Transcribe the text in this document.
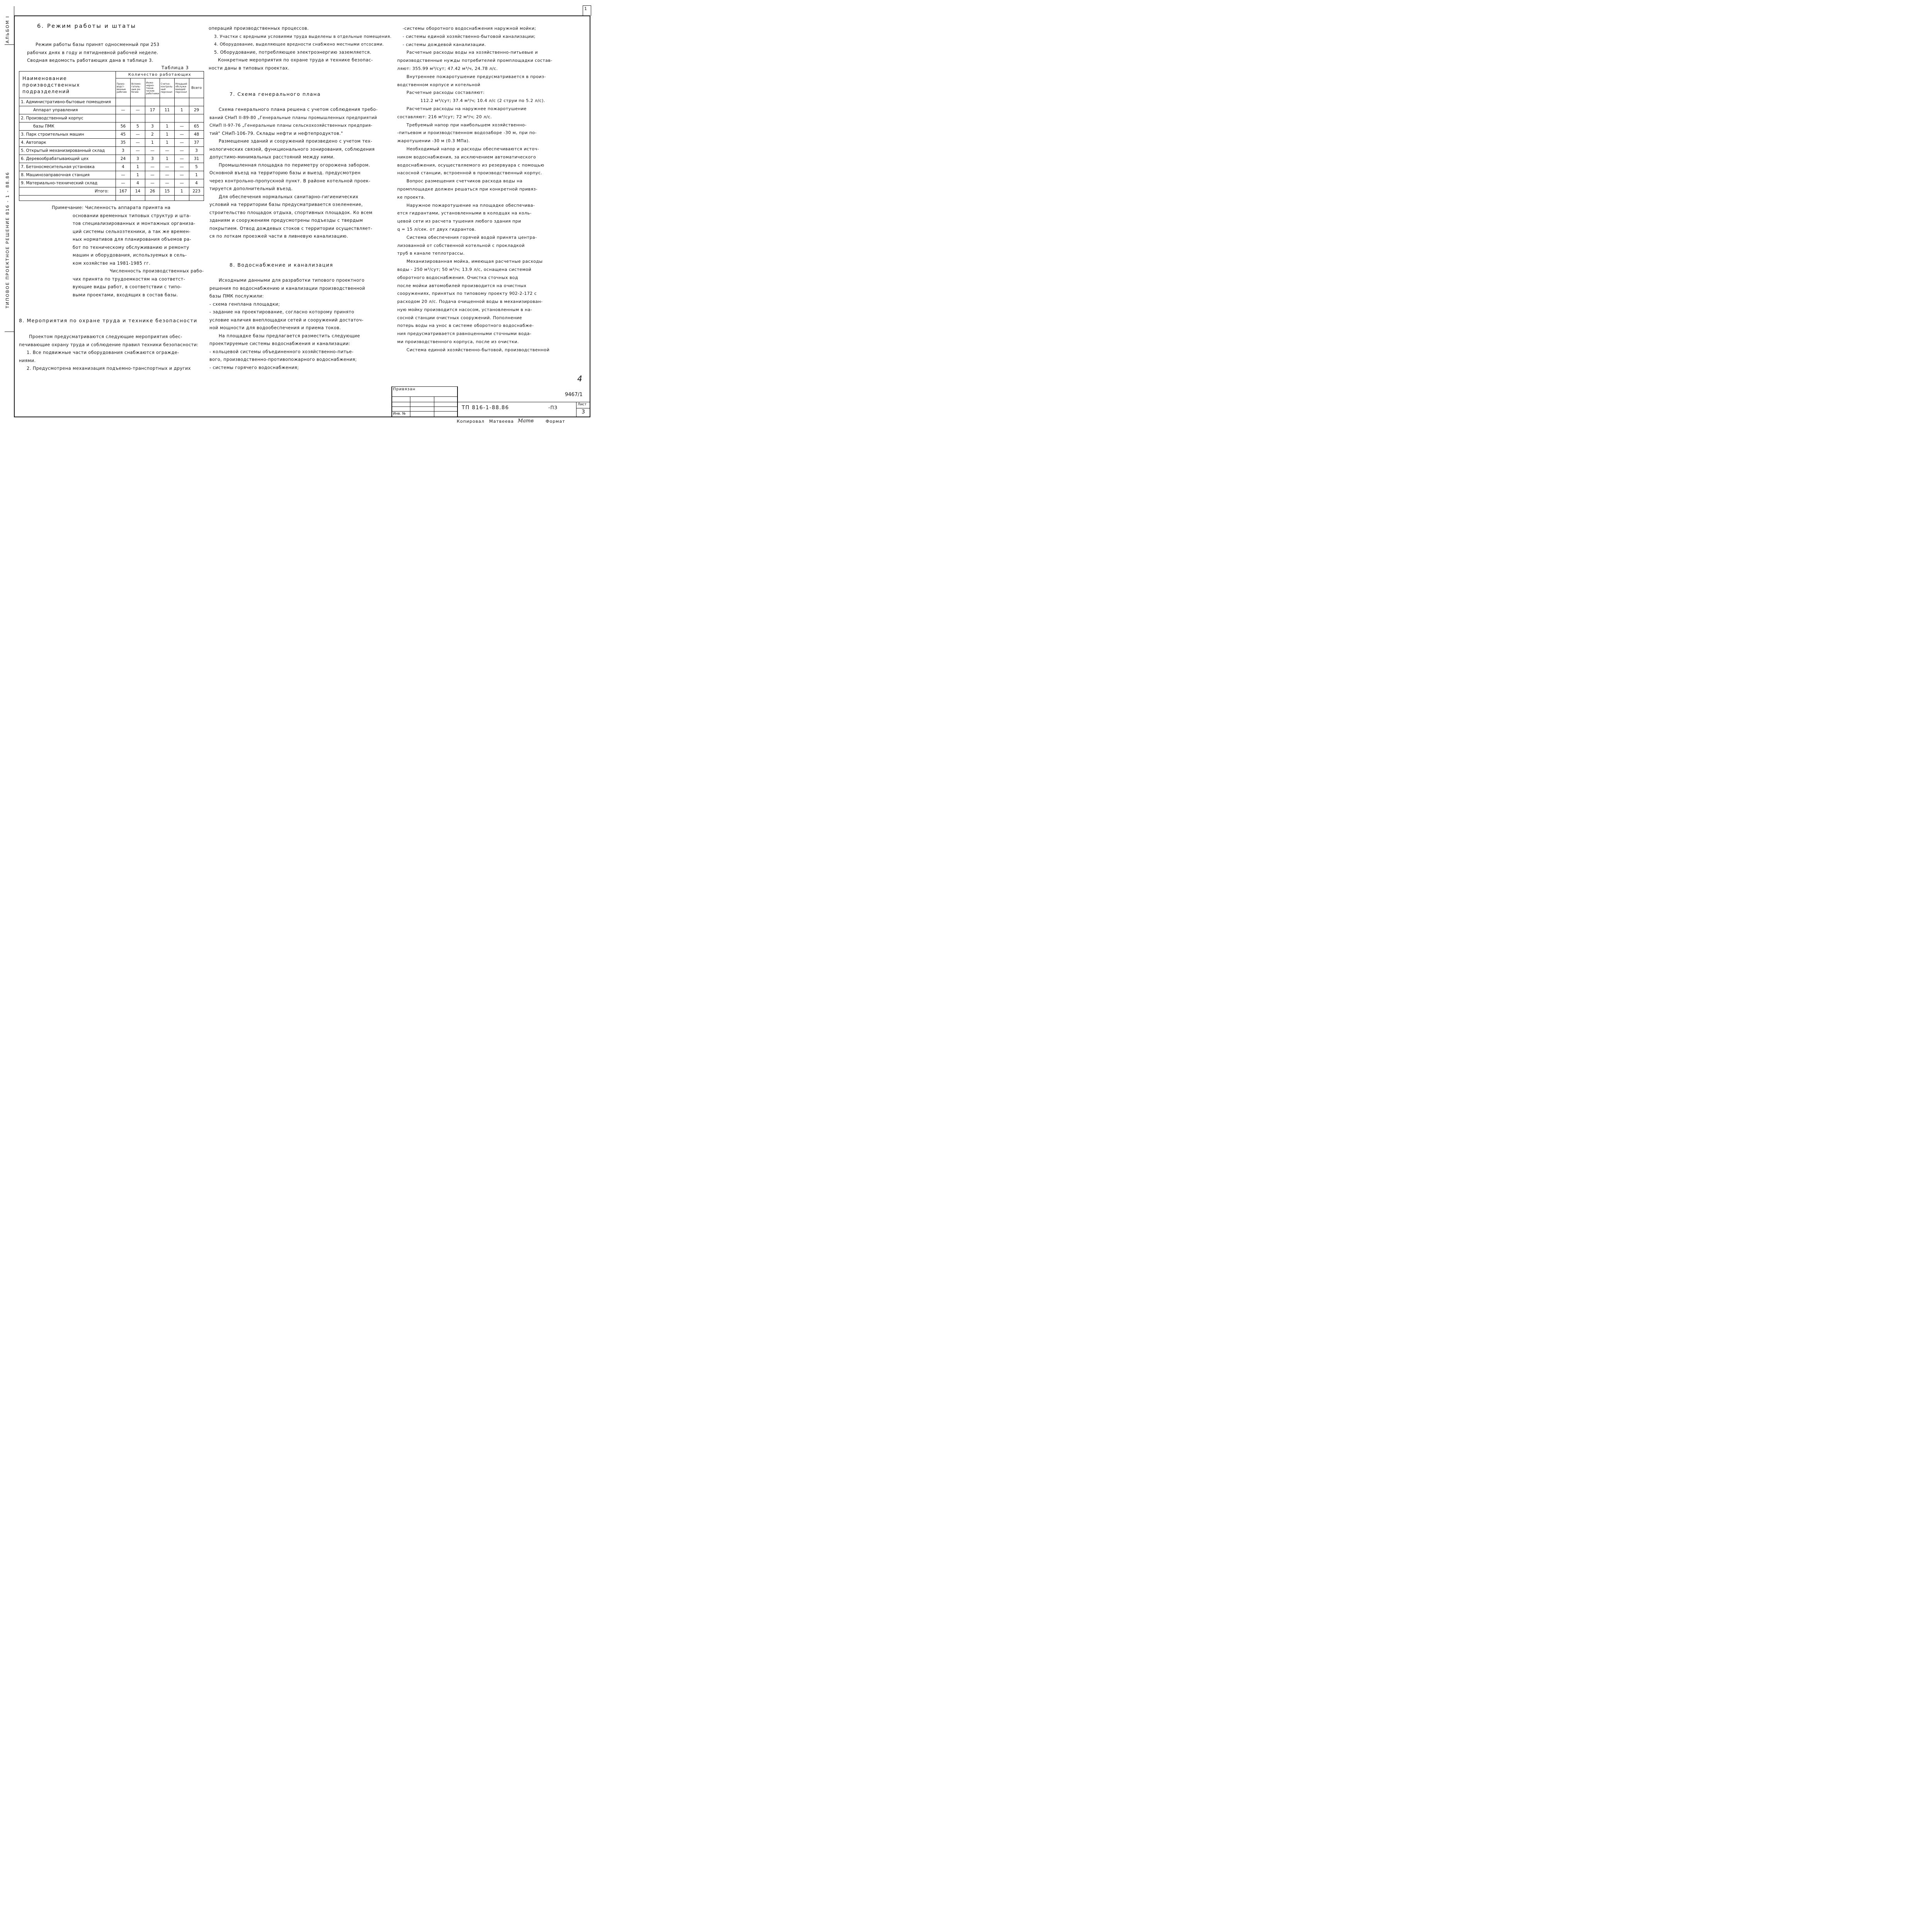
1
АЛЬБОМ I
ТИПОВОЕ ПРОЕКТНОЕ РЕШЕНИЕ 816 - 1 - 88.86
6. Режим работы и штаты

Режим работы базы принят односменный при 253

рабочих днях в году и пятидневной рабочей неделе.

Сводная ведомость работающих дана в таблице 3.

Таблица 3
Наименование производственных подразделений	Количество работающих					
	Произ-водст-венные рабочие	Вспомо-гатель-ные ра-бочие	Инже-нерно-техни-ческие работники	Счетно-контроль-ный персонал	Младший обслужи-вающий персонал	Всего
1. Административно-бытовые помещения						
Аппарат управления	—	—	17	11	1	29
2. Производственный корпус						
базы ПМК	56	5	3	1	—	65
3. Парк строительных машин	45	—	2	1	—	48
4. Автопарк	35	—	1	1	—	37
5. Открытый механизированный склад	3	—	—	—	—	3
6. Деревообрабатывающий цех	24	3	3	1	—	31
7. Бетоносмесительная установка	4	1	—	—	—	5
8. Машинозаправочная станция	—	1	—	—	—	1
9. Материально-технический склад	—	4	—	—	—	4
Итого:	167	14	26	15	1	223

Примечание: Численность аппарата принята на

основании временных типовых структур и шта-

тов специализированных и монтажных организа-

ций системы сельхозтехники, а так же времен-

ных нормативов для планирования объемов ра-

бот по техническому обслуживанию и ремонту

машин и оборудования, используемых в сель-

ком хозяйстве на 1981-1985 гг.

Численность производственных рабо-

чих принята по трудоемкостям на соответст-

вующие виды работ, в соответствии с типо-

выми проектами, входящих в состав базы.

8. Мероприятия по охране труда и технике безопасности

Проектом предусматриваются следующие мероприятия обес-

печивающие охрану труда и соблюдение правил техники безопасности:

1. Все подвижные части оборудования снабжаются огражде-

ниями.

2. Предусмотрена механизация подъемно-транспортных и других

операций производственных процессов.

3. Участки с вредными условиями труда выделены в отдельные помещения.

4. Оборудование, выделяющее вредности снабжено местными отсосами.

5. Оборудование, потребляющее электроэнергию заземляется.

Конкретные мероприятия по охране труда и технике безопас-

ности даны в типовых проектах.

7. Схема генерального плана

Схема генерального плана решена с учетом соблюдения требо-

ваний СНиП II-89-80 „Генеральные планы промышленных предприятий

СНиП II-97-76 „Генеральные планы сельскохозяйственных предприя-

тий" СНиП-106-79. Склады нефти и нефтепродуктов."

Размещение зданий и сооружений произведено с учетом тех-

нологических связей, функционального зонирования, соблюдения

допустимо-минимальных расстояний между ними.

Промышленная площадка по периметру огорожена забором.

Основной въезд на территорию базы и выезд. предусмотрен

через контрольно-пропускной пункт. В районе котельной проек-

тируется дополнительный въезд.

Для обеспечения нормальных санитарно-гигиенических

условий на территории базы предусматривается озеленение,

строительство площадок отдыха, спортивных площадок. Ко всем

зданиям и сооружениям предусмотрены подъезды с твердым

покрытием. Отвод дождевых стоков с территории осуществляет-

ся по лоткам проезжей части в ливневую канализацию.

8. Водоснабжение и канализация

Исходными данными для разработки типового проектного

решения по водоснабжению и канализации производственной

базы ПМК послужили:

- схема генплана площадки;

- задание на проектирование, согласно которому принято

условие наличия внеплощадки сетей и сооружений достаточ-

ной мощности для водообеспечения и приема токов.

На площадке базы предлагается разместить следующие

проектируемые системы водоснабжения и канализации:

- кольцевой системы объединенного хозяйственно-питье-

вого, производственно-противопожарного водоснабжения;

- системы горячего водоснабжения;

-системы оборотного водоснабжения наружной мойки;

- системы единой хозяйственно-бытовой канализации;

- системы дождевой канализации.

Расчетные расходы воды на хозяйственно-питьевые и

производственные нужды потребителей промплощадки состав-

ляют: 355.99 м³/сут; 47.42 м³/ч, 24.78 л/с.

Внутреннее пожаротушение предусматривается в произ-

водственном корпусе и котельной

Расчетные расходы составляют:

112.2 м³/сут; 37.4 м³/ч; 10.4 л/с (2 струи по 5.2 л/с).

Расчетные расходы на наружнее пожаротушение

составляют: 216 м³/сут; 72 м³/ч; 20 л/с.

Требуемый напор при наибольшем хозяйственно-

-питьевом и производственном водозаборе -30 м, при по-

жаротушении -30 м (0.3 МПа).

Необходимый напор и расходы обеспечиваются источ-

ником водоснабжения, за исключением автоматического

водоснабжения, осуществляемого из резервуара с помощью

насосной станции, встроенной в производственный корпус.

Вопрос размещения счетчиков расхода воды на

промплощадке должен решаться при конкретной привяз-

ке проекта.

Наружное пожаротушение на площадке обеспечива-

ется гидрантами, установленными в колодцах на коль-

цевой сети из расчета тушения любого здания при

q = 15 л/сек. от двух гидрантов.

Система обеспечения горячей водой принята центра-

лизованной от собственной котельной с прокладкой

труб в канале теплотрассы.

Механизированная мойка, имеющая расчетные расходы

воды - 250 м³/сут; 50 м³/ч; 13.9 л/с, оснащена системой

оборотного водоснабжения. Очистка сточных вод

после мойки автомобилей производится на очистных

сооружениях, принятых по типовому проекту 902-2-172 с

расходом 20 л/с. Подача очищенной воды в механизирован-

ную мойку производится насосом, установленным в на-

сосной станции очистных сооружений. Пополнение

потерь воды на унос в системе оборотного водоснабже-

ния предусматривается равноценными сточными вода-

ми производственного корпуса, после из очистки.

Система единой хозяйственно-бытовой, производственной

4
9467/1
Привязан
Инв. №
ТП 816-1-88.86	-ПЗ
Лист
3
Копировал Матвеева Матв	Формат
